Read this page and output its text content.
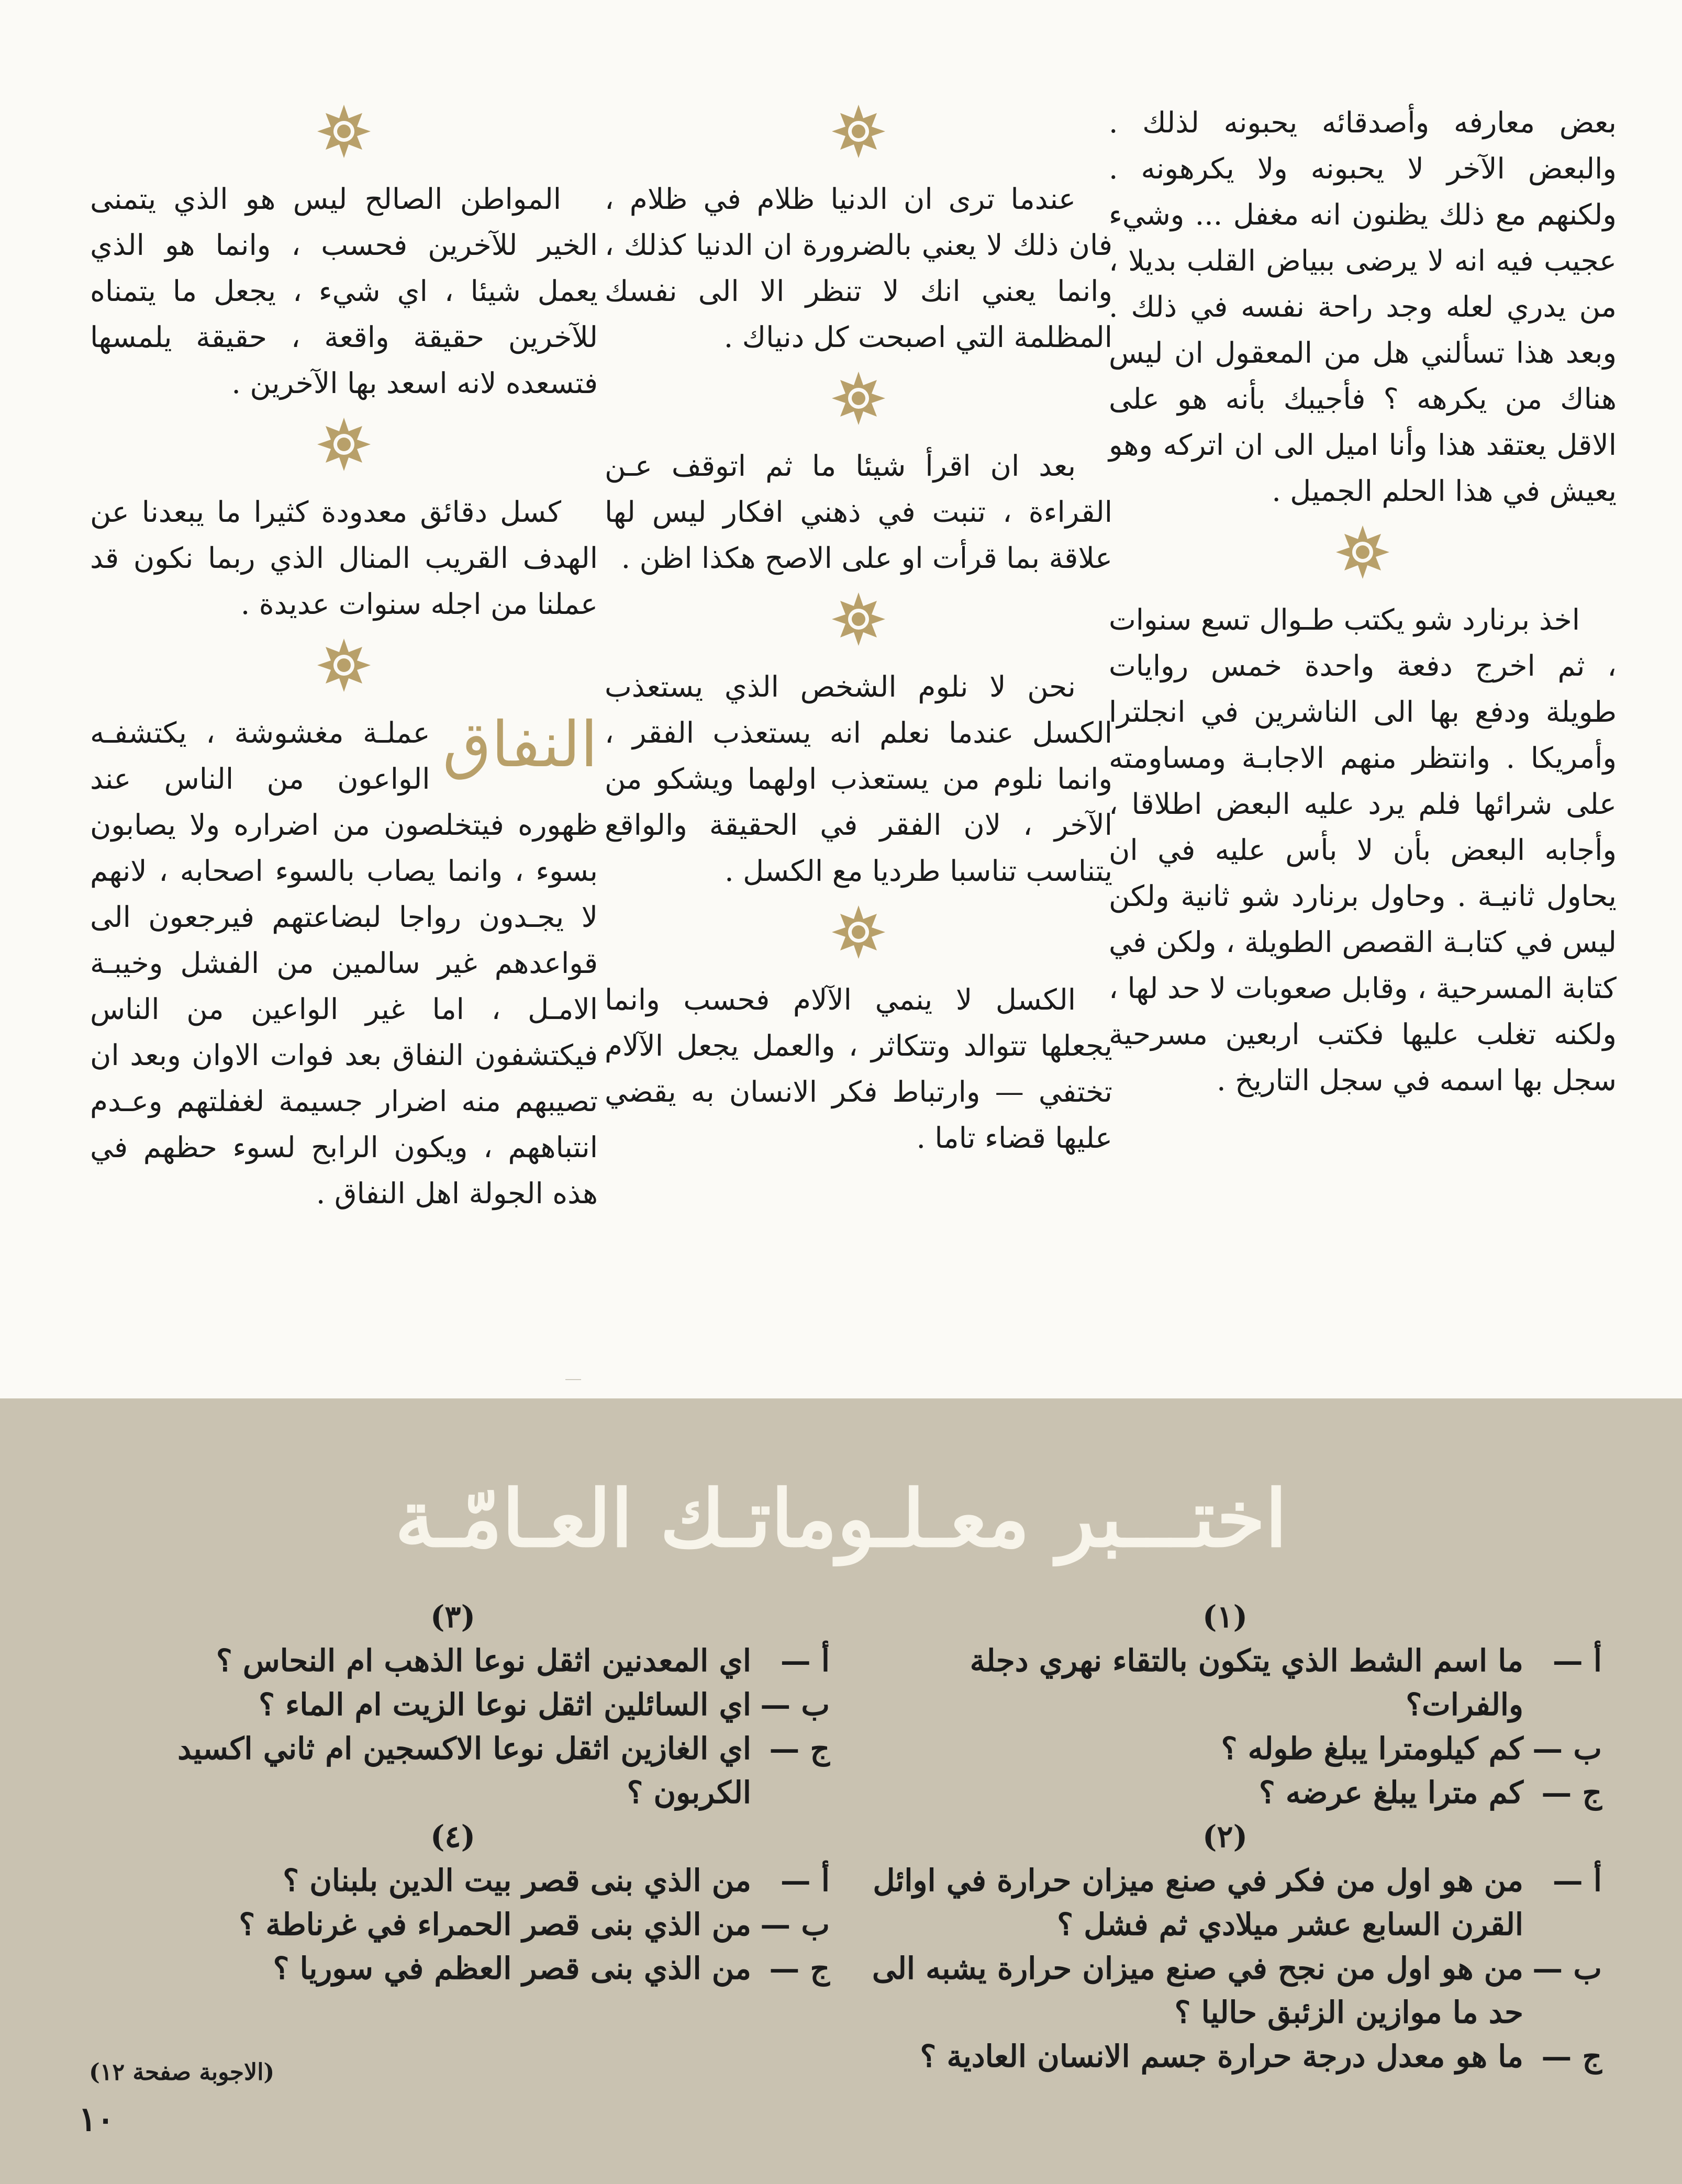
بعض معارفه وأصدقائه يحبونه لذلك . والبعض الآخر لا يحبونه ولا يكرهونه . ولكنهم مع ذلك يظنون انه مغفل ... وشيء عجيب فيه انه لا يرضى ببياض القلب بديلا ، من يدري لعله وجد راحة نفسه في ذلك . وبعد هذا تسألني هل من المعقول ان ليس هناك من يكرهه ؟ فأجيبك بأنه هو على الاقل يعتقد هذا وأنا اميل الى ان اتركه وهو يعيش في هذا الحلم الجميل .

اخذ برنارد شو يكتب طـوال تسع سنوات ، ثم اخرج دفعة واحدة خمس روايات طويلة ودفع بها الى الناشرين في انجلترا وأمريكا . وانتظر منهم الاجابـة ومساومته على شرائها فلم يرد عليه البعض اطلاقا ، وأجابه البعض بأن لا بأس عليه في ان يحاول ثانيـة . وحاول برنارد شو ثانية ولكن ليس في كتابـة القصص الطويلة ، ولكن في كتابة المسرحية ، وقابل صعوبات لا حد لها ، ولكنه تغلب عليها فكتب اربعين مسرحية سجل بها اسمه في سجل التاريخ .

عندما ترى ان الدنيا ظلام في ظلام ، فان ذلك لا يعني بالضرورة ان الدنيا كذلك ، وانما يعني انك لا تنظر الا الى نفسك المظلمة التي اصبحت كل دنياك .

بعد ان اقرأ شيئا ما ثم اتوقف عـن القراءة ، تنبت في ذهني افكار ليس لها علاقة بما قرأت او على الاصح هكذا اظن .

نحن لا نلوم الشخص الذي يستعذب الكسل عندما نعلم انه يستعذب الفقر ، وانما نلوم من يستعذب اولهما ويشكو من الآخر ، لان الفقر في الحقيقة والواقع يتناسب تناسبا طرديا مع الكسل .

الكسل لا ينمي الآلام فحسب وانما يجعلها تتوالد وتتكاثر ، والعمل يجعل الآلام تختفي — وارتباط فكر الانسان به يقضي عليها قضاء تاما .

المواطن الصالح ليس هو الذي يتمنى الخير للآخرين فحسب ، وانما هو الذي يعمل شيئا ، اي شيء ، يجعل ما يتمناه للآخرين حقيقة واقعة ، حقيقة يلمسها فتسعده لانه اسعد بها الآخرين .

كسل دقائق معدودة كثيرا ما يبعدنا عن الهدف القريب المنال الذي ربما نكون قد عملنا من اجله سنوات عديدة .

النفاق
عملـة مغشوشة ، يكتشفـه الواعون من الناس عند ظهوره فيتخلصون من اضراره ولا يصابون بسوء ، وانما يصاب بالسوء اصحابه ، لانهم لا يجـدون رواجا لبضاعتهم فيرجعون الى قواعدهم غير سالمين من الفشل وخيبـة الامـل ، اما غير الواعين من الناس فيكتشفون النفاق بعد فوات الاوان وبعد ان تصيبهم منه اضرار جسيمة لغفلتهم وعـدم انتباههم ، ويكون الرابح لسوء حظهم في هذه الجولة اهل النفاق .

اختـــبر معـلـوماتـك العـامّـة

(١)

أ —
ما اسم الشط الذي يتكون بالتقاء نهري دجلة والفرات؟
ب —
كم كيلومترا يبلغ طوله ؟
ج —
كم مترا يبلغ عرضه ؟

(٢)

أ —
من هو اول من فكر في صنع ميزان حرارة في اوائل القرن السابع عشر ميلادي ثم فشل ؟
ب —
من هو اول من نجح في صنع ميزان حرارة يشبه الى حد ما موازين الزئبق حاليا ؟
ج —
ما هو معدل درجة حرارة جسم الانسان العادية ؟

(٣)

أ —
اي المعدنين اثقل نوعا الذهب ام النحاس ؟
ب —
اي السائلين اثقل نوعا الزيت ام الماء ؟
ج —
اي الغازين اثقل نوعا الاكسجين ام ثاني اكسيد الكربون ؟

(٤)

أ —
من الذي بنى قصر بيت الدين بلبنان ؟
ب —
من الذي بنى قصر الحمراء في غرناطة ؟
ج —
من الذي بنى قصر العظم في سوريا ؟
(الاجوبة صفحة ١٢)
١٠
